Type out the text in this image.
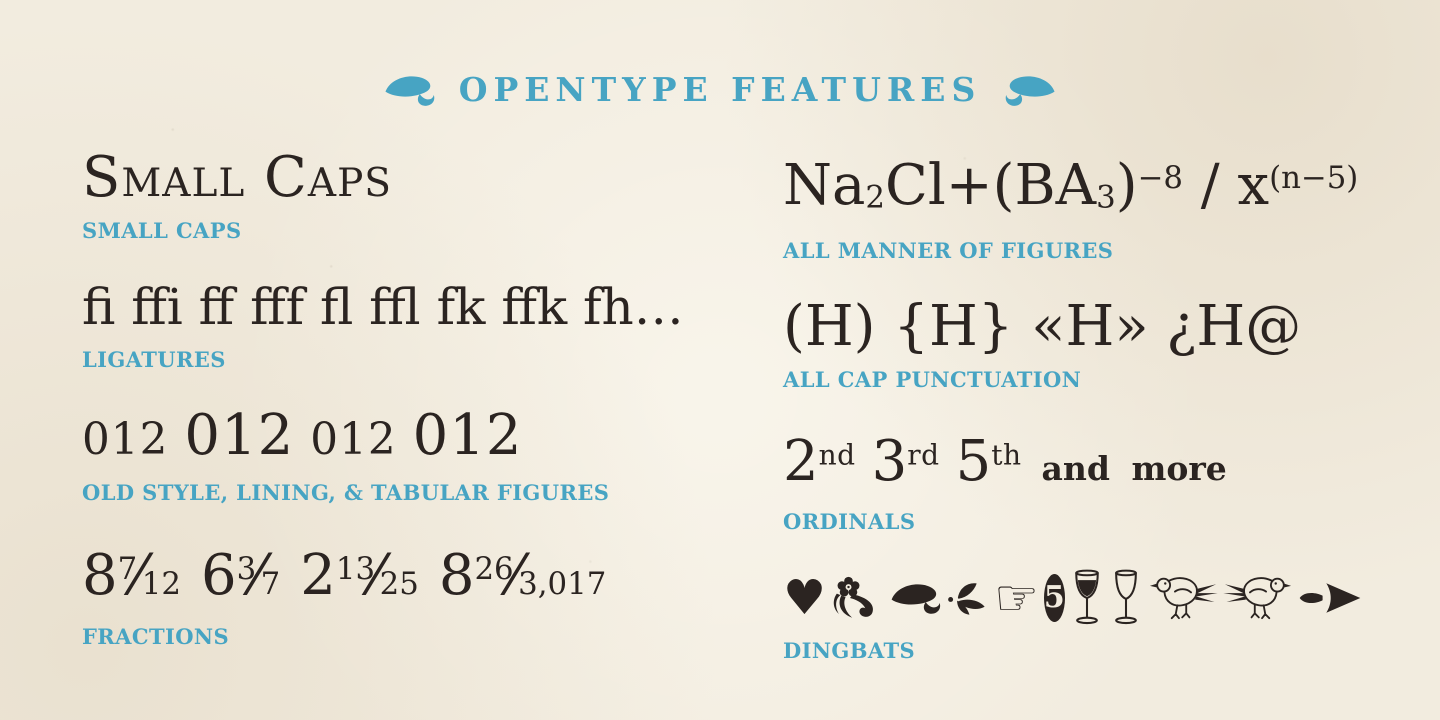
OPENTYPE FEATURES
Small Caps
SMALL CAPS
fi ffi ff fff fl ffl fk ffk fh…
LIGATURES
012 012 012 012
OLD STYLE, LINING, & TABULAR FIGURES
8$^7$⁄12 6$^3$⁄7 2$^{13}$⁄25 8$^{26}$⁄3,017
FRACTIONS
$Na_2Cl+(BA_3)^{-8} / x^{(n-5)}$
ALL MANNER OF FIGURES
(H) {H} «H» ¿H@
ALL CAP PUNCTUATION
2nd 3rd 5th and more
ORDINALS
♥	☞ 5
DINGBATS
